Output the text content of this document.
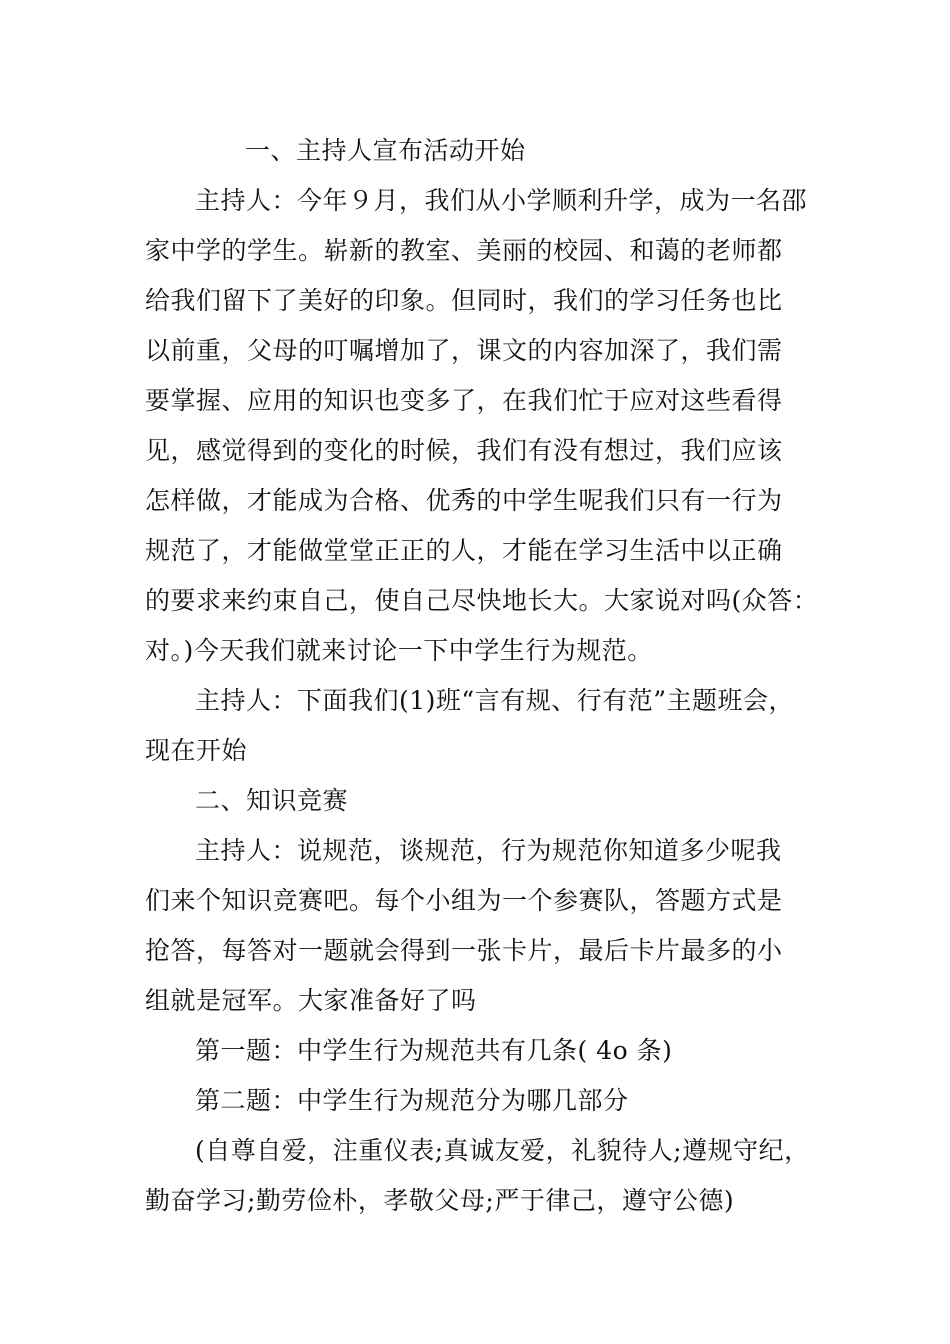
一、主持人宣布活动开始
主持人：今年９月，我们从小学顺利升学，成为一名邵
家中学的学生。崭新的教室、美丽的校园、和蔼的老师都
给我们留下了美好的印象。但同时，我们的学习任务也比
以前重，父母的叮嘱增加了，课文的内容加深了，我们需
要掌握、应用的知识也变多了，在我们忙于应对这些看得
见，感觉得到的变化的时候，我们有没有想过，我们应该
怎样做，才能成为合格、优秀的中学生呢我们只有一行为
规范了，才能做堂堂正正的人，才能在学习生活中以正确
的要求来约束自己，使自己尽快地长大。大家说对吗(众答：
对。)今天我们就来讨论一下中学生行为规范。
主持人：下面我们(1)班“言有规、行有范”主题班会，
现在开始
二、知识竞赛
主持人：说规范，谈规范，行为规范你知道多少呢我
们来个知识竞赛吧。每个小组为一个参赛队，答题方式是
抢答，每答对一题就会得到一张卡片，最后卡片最多的小
组就是冠军。大家准备好了吗
第一题：中学生行为规范共有几条( 4o 条)
第二题：中学生行为规范分为哪几部分
(自尊自爱，注重仪表;真诚友爱，礼貌待人;遵规守纪，
勤奋学习;勤劳俭朴，孝敬父母;严于律己，遵守公德)
